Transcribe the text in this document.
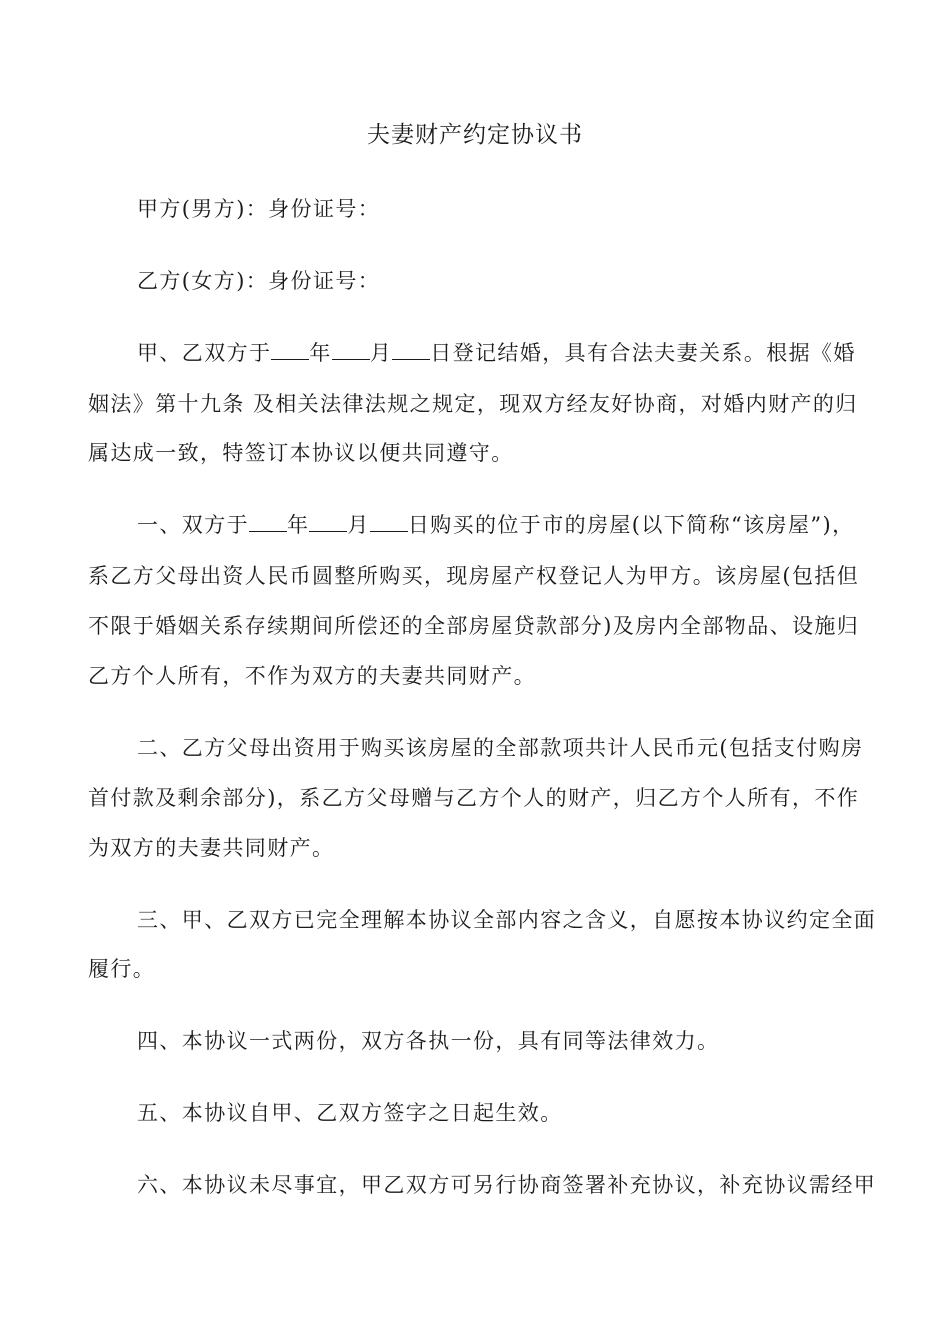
夫妻财产约定协议书
甲方(男方)：身份证号：
乙方(女方)：身份证号：
甲、乙双方于 年 月 日登记结婚，具有合法夫妻关系。根据《婚
姻法》第十九条 及相关法律法规之规定，现双方经友好协商，对婚内财产的归
属达成一致，特签订本协议以便共同遵守。
一、双方于 年 月 日购买的位于市的房屋(以下简称“该房屋”)，
系乙方父母出资人民币圆整所购买，现房屋产权登记人为甲方。该房屋(包括但
不限于婚姻关系存续期间所偿还的全部房屋贷款部分)及房内全部物品、设施归
乙方个人所有，不作为双方的夫妻共同财产。
二、乙方父母出资用于购买该房屋的全部款项共计人民币元(包括支付购房
首付款及剩余部分)，系乙方父母赠与乙方个人的财产，归乙方个人所有，不作
为双方的夫妻共同财产。
三、甲、乙双方已完全理解本协议全部内容之含义，自愿按本协议约定全面
履行。
四、本协议一式两份，双方各执一份，具有同等法律效力。
五、本协议自甲、乙双方签字之日起生效。
六、本协议未尽事宜，甲乙双方可另行协商签署补充协议，补充协议需经甲
